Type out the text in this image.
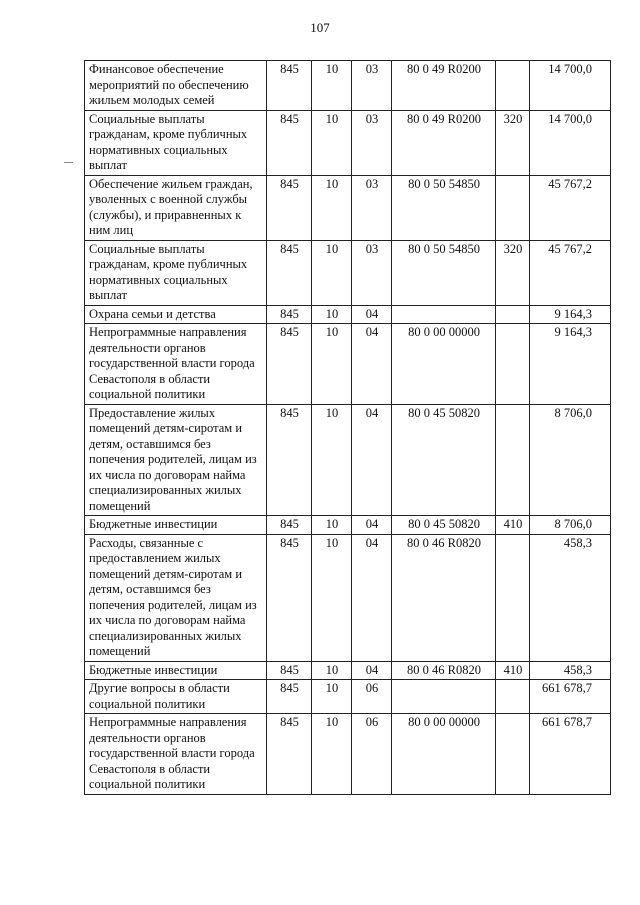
107
Финансовое обеспечение мероприятий по обеспечению жильем молодых семей	845	10	03	80 0 49 R0200		14 700,0
Социальные выплаты гражданам, кроме публичных нормативных социальных выплат	845	10	03	80 0 49 R0200	320	14 700,0
Обеспечение жильем граждан, уволенных с военной службы (службы), и приравненных к ним лиц	845	10	03	80 0 50 54850		45 767,2
Социальные выплаты гражданам, кроме публичных нормативных социальных выплат	845	10	03	80 0 50 54850	320	45 767,2
Охрана семьи и детства	845	10	04			9 164,3
Непрограммные направления деятельности органов государственной власти города Севастополя в области социальной политики	845	10	04	80 0 00 00000		9 164,3
Предоставление жилых помещений детям-сиротам и детям, оставшимся без попечения родителей, лицам из их числа по договорам найма специализированных жилых помещений	845	10	04	80 0 45 50820		8 706,0
Бюджетные инвестиции	845	10	04	80 0 45 50820	410	8 706,0
Расходы, связанные с предоставлением жилых помещений детям-сиротам и детям, оставшимся без попечения родителей, лицам из их числа по договорам найма специализированных жилых помещений	845	10	04	80 0 46 R0820		458,3
Бюджетные инвестиции	845	10	04	80 0 46 R0820	410	458,3
Другие вопросы в области социальной политики	845	10	06			661 678,7
Непрограммные направления деятельности органов государственной власти города Севастополя в области социальной политики	845	10	06	80 0 00 00000		661 678,7
